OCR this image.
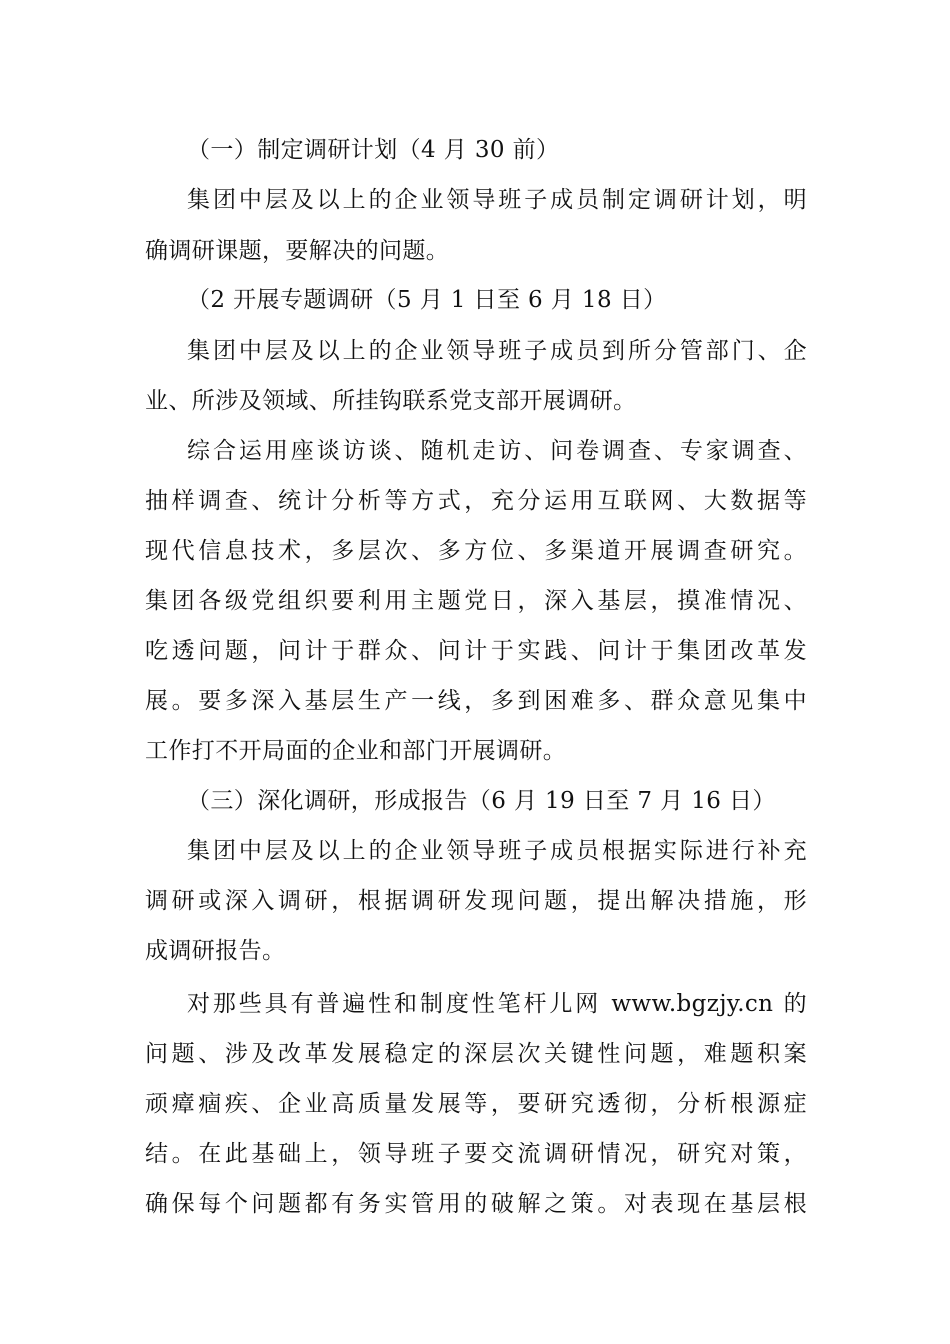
（一）制定调研计划（4 月 30 前）
集团中层及以上的企业领导班子成员制定调研计划，明
确调研课题，要解决的问题。
（2 开展专题调研（5 月 1 日至 6 月 18 日）
集团中层及以上的企业领导班子成员到所分管部门、企
业、所涉及领域、所挂钩联系党支部开展调研。
综合运用座谈访谈、随机走访、问卷调查、专家调查、
抽样调查、统计分析等方式，充分运用互联网、大数据等
现代信息技术，多层次、多方位、多渠道开展调查研究。
集团各级党组织要利用主题党日，深入基层，摸准情况、
吃透问题，问计于群众、问计于实践、问计于集团改革发
展。要多深入基层生产一线，多到困难多、群众意见集中
工作打不开局面的企业和部门开展调研。
（三）深化调研，形成报告（6 月 19 日至 7 月 16 日）
集团中层及以上的企业领导班子成员根据实际进行补充
调研或深入调研，根据调研发现问题，提出解决措施，形
成调研报告。
对那些具有普遍性和制度性笔杆儿网 www.bgzjy.cn 的
问题、涉及改革发展稳定的深层次关键性问题，难题积案
顽瘴痼疾、企业高质量发展等，要研究透彻，分析根源症
结。在此基础上，领导班子要交流调研情况，研究对策，
确保每个问题都有务实管用的破解之策。对表现在基层根
